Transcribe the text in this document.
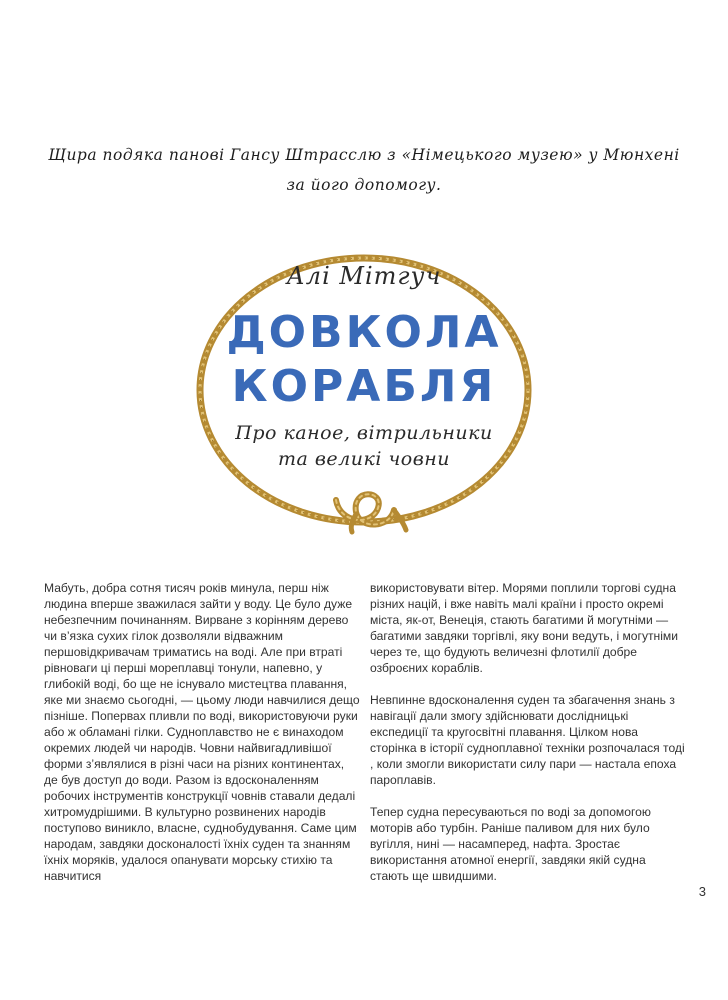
Щира подяка панові Гансу Штрасслю з «Німецького музею» у Мюнхені
за його допомогу.
Алі Мітгуч
ДОВКОЛА
КОРАБЛЯ
Про каное, вітрильники
та великі човни

Мабуть, добра сотня тисяч років минула, перш ніж людина вперше зважилася зайти у воду. Це було дуже небезпечним починанням. Вирване з корінням дерево чи в’язка сухих гілок дозволяли відважним першовідкривачам триматись на воді. Але при втраті рівноваги ці перші мореплавці тонули, напевно, у глибокій воді, бо ще не існувало мистецтва плавання, яке ми знаємо сьогодні, — цьому люди навчилися дещо пізніше. Поперваx пливли по воді, використовуючи руки або ж обламані гілки. Судноплавство не є винаходом окремих людей чи народів. Човни найвигадливішої форми з’являлися в різні часи на різних континентах, де був доступ до води. Разом із вдосконаленням робочих інструментів конструкції човнів ставали дедалі хитромудрішими. В культурно розвинених народів поступово виникло, власне, суднобудування. Саме цим народам, завдяки досконалості їхніх суден та знанням їхніх моряків, удалося опанувати морську стихію та навчитися

використовувати вітер. Морями поплили торгові судна різних націй, і вже навіть малі країни і просто окремі міста, як-от, Венеція, стають багатими й могутніми — багатими завдяки торгівлі, яку вони ведуть, і могутніми через те, що будують величезні флотилії добре озброєних кораблів.

Невпинне вдосконалення суден та збагачення знань з навігації дали змогу здійснювати дослідницькі експедиції та кругосвітні плавання. Цілком нова сторінка в історії судноплавної техніки розпочалася тоді , коли змогли використати силу пари — настала епоха пароплавів.

Тепер судна пересуваються по воді за допомогою моторів або турбін. Раніше паливом для них було вугілля, нині — насамперед, нафта. Зростає використання атомної енергії, завдяки якій судна стають ще швидшими.

3
